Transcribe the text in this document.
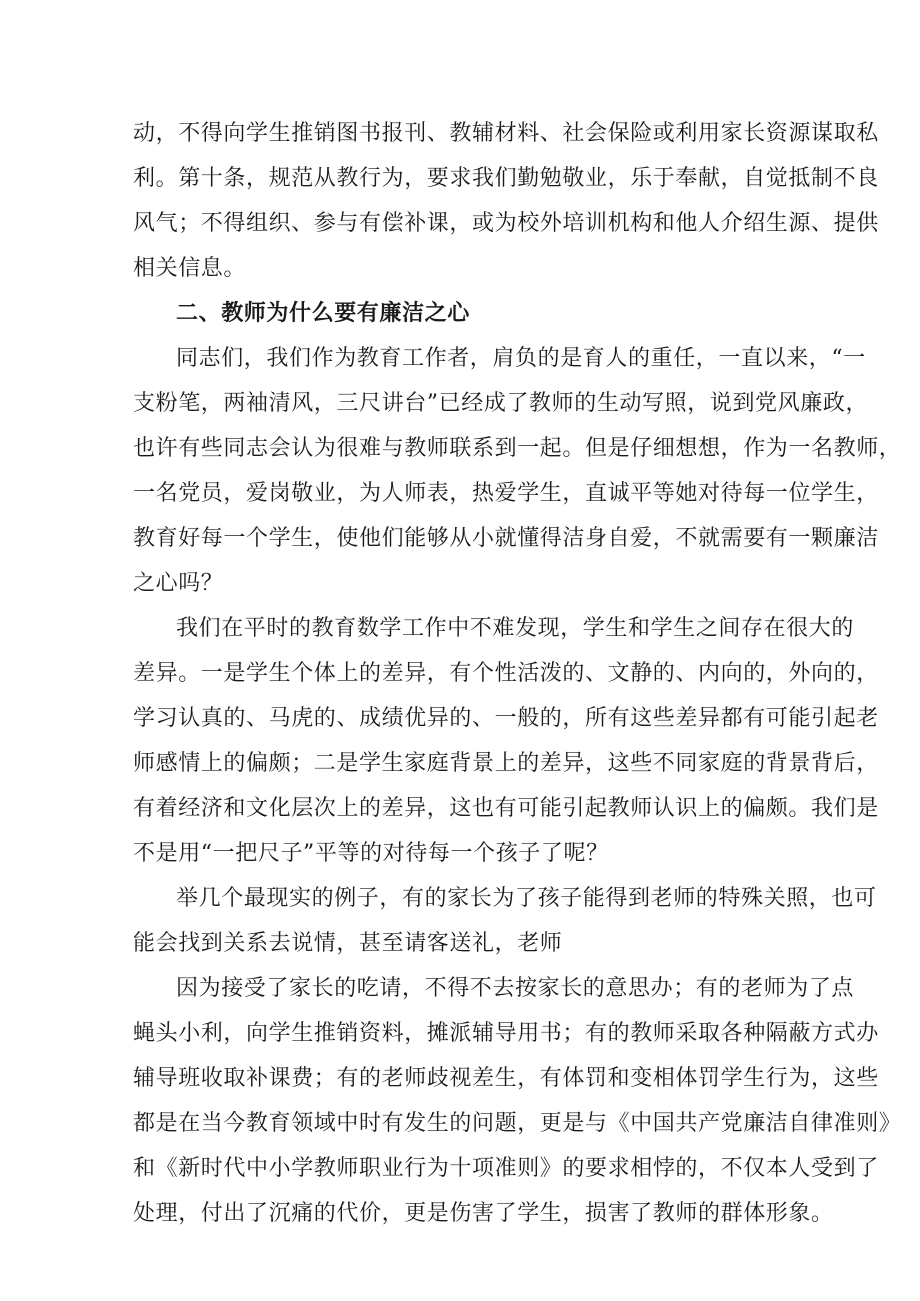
动，不得向学生推销图书报刊、教辅材料、社会保险或利用家长资源谋取私

利。第十条，规范从教行为，要求我们勤勉敬业，乐于奉献，自觉抵制不良

风气；不得组织、参与有偿补课，或为校外培训机构和他人介绍生源、提供

相关信息。

二、教师为什么要有廉洁之心

同志们，我们作为教育工作者，肩负的是育人的重任，一直以来，“一

支粉笔，两袖清风，三尺讲台”已经成了教师的生动写照，说到党风廉政，

也许有些同志会认为很难与教师联系到一起。但是仔细想想，作为一名教师，

一名党员，爱岗敬业，为人师表，热爱学生，直诚平等她对待每一位学生，

教育好每一个学生，使他们能够从小就懂得洁身自爱，不就需要有一颗廉洁

之心吗？

我们在平时的教育数学工作中不难发现，学生和学生之间存在很大的

差异。一是学生个体上的差异，有个性活泼的、文静的、内向的，外向的，

学习认真的、马虎的、成绩优异的、一般的，所有这些差异都有可能引起老

师感情上的偏颇；二是学生家庭背景上的差异，这些不同家庭的背景背后，

有着经济和文化层次上的差异，这也有可能引起教师认识上的偏颇。我们是

不是用“一把尺子”平等的对待每一个孩子了呢？

举几个最现实的例子，有的家长为了孩子能得到老师的特殊关照，也可

能会找到关系去说情，甚至请客送礼，老师

因为接受了家长的吃请，不得不去按家长的意思办；有的老师为了点

蝇头小利，向学生推销资料，摊派辅导用书；有的教师采取各种隔蔽方式办

辅导班收取补课费；有的老师歧视差生，有体罚和变相体罚学生行为，这些

都是在当今教育领域中时有发生的问题，更是与《中国共产党廉洁自律准则》

和《新时代中小学教师职业行为十项准则》的要求相悖的，不仅本人受到了

处理，付出了沉痛的代价，更是伤害了学生，损害了教师的群体形象。
